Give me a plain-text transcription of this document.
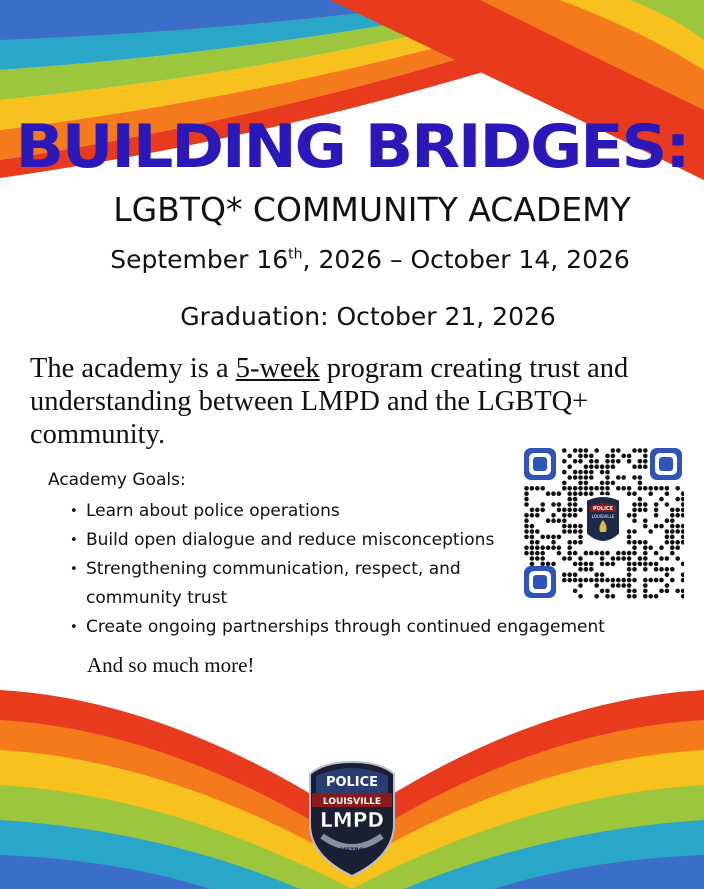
BUILDING BRIDGES:
LGBTQ* COMMUNITY ACADEMY
September 16th, 2026 – October 14, 2026
Graduation: October 21, 2026
The academy is a 5-week program creating trust and understanding between LMPD and the LGBTQ+ community.
Academy Goals:
• Learn about police operations
• Build open dialogue and reduce misconceptions
• Strengthening communication, respect, and community trust
• Create ongoing partnerships through continued engagement
And so much more!
POLICE
LOUISVILLE
POLICE
LOUISVILLE
LMPD
METRO
